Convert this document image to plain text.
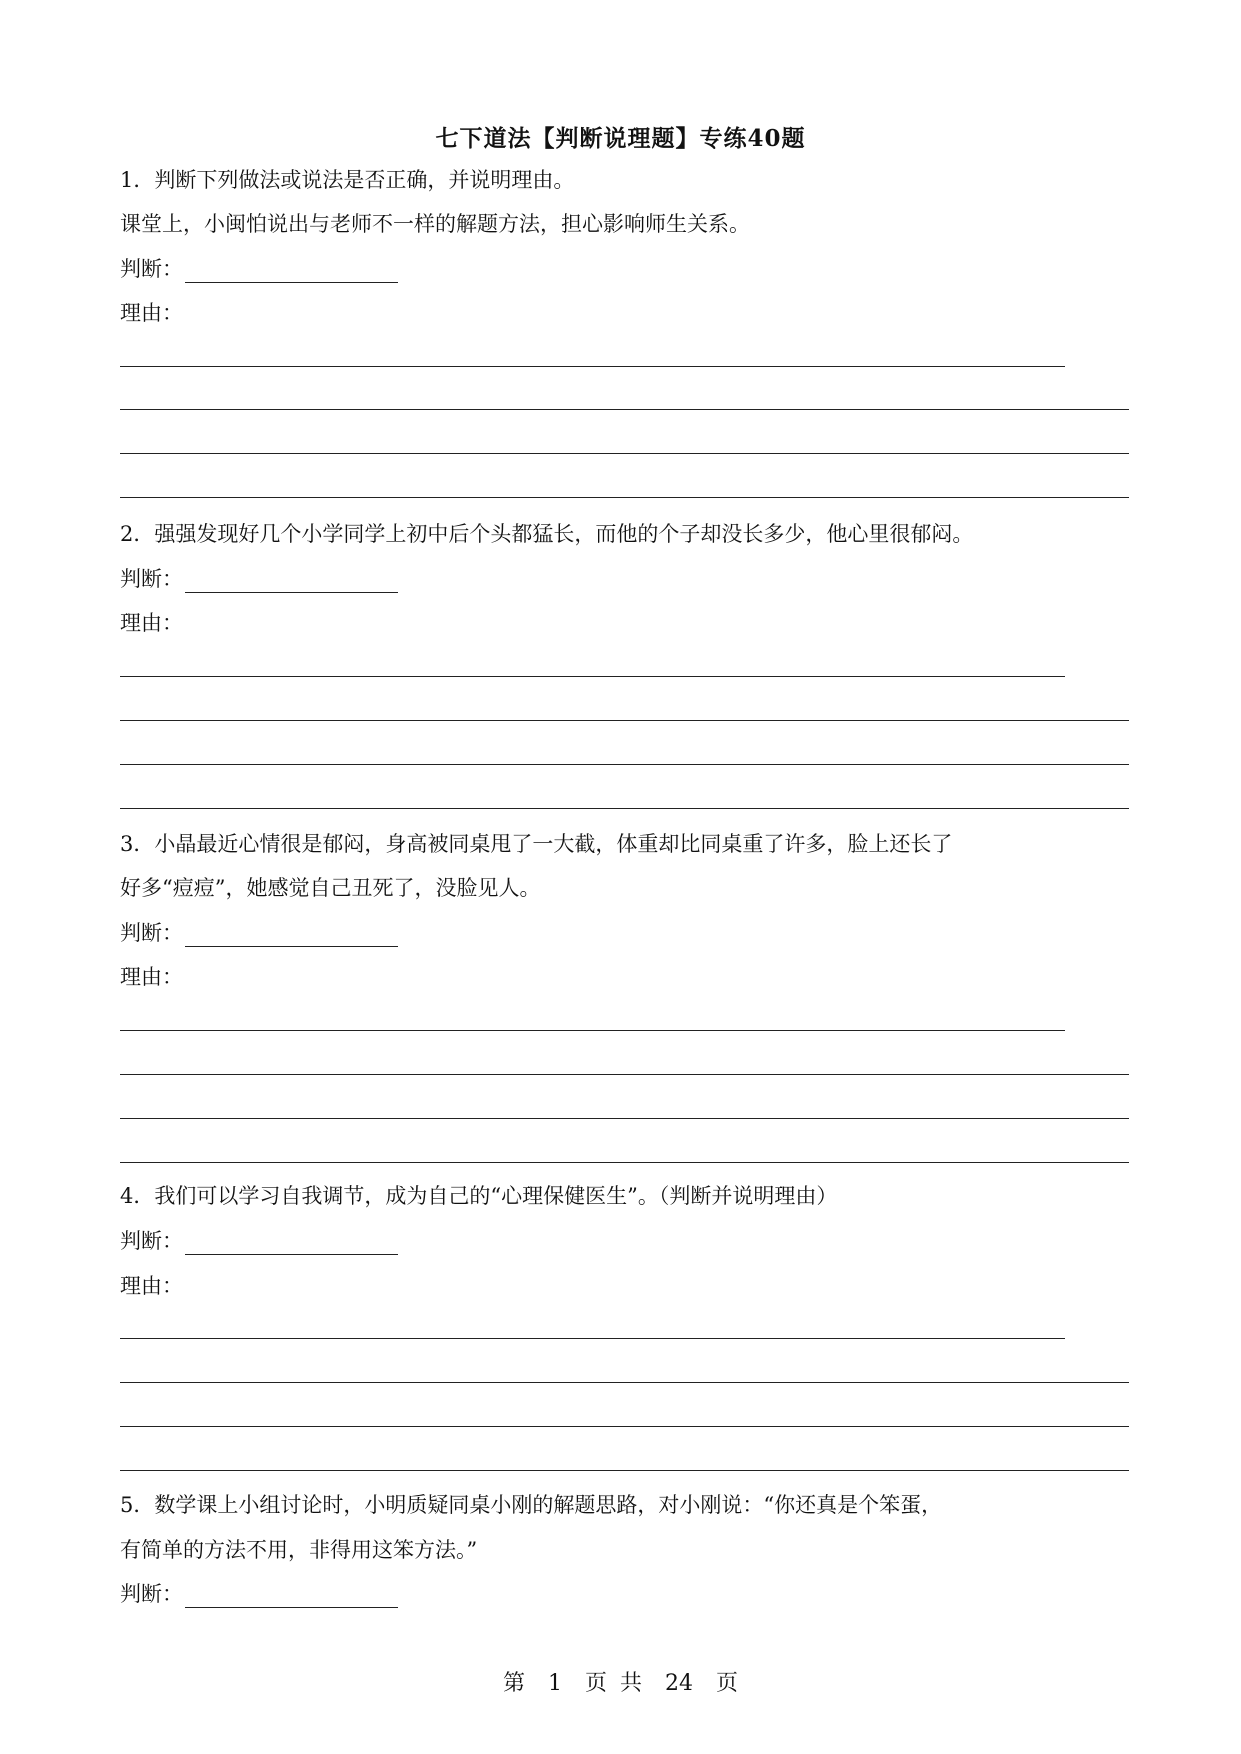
七下道法【判断说理题】专练40题
1．判断下列做法或说法是否正确，并说明理由。
课堂上，小闽怕说出与老师不一样的解题方法，担心影响师生关系。
判断：
理由：
2．强强发现好几个小学同学上初中后个头都猛长，而他的个子却没长多少，他心里很郁闷。
判断：
理由：
3．小晶最近心情很是郁闷，身高被同桌甩了一大截，体重却比同桌重了许多，脸上还长了
好多“痘痘”，她感觉自己丑死了，没脸见人。
判断：
理由：
4．我们可以学习自我调节，成为自己的“心理保健医生”。（判断并说明理由）
判断：
理由：
5．数学课上小组讨论时，小明质疑同桌小刚的解题思路，对小刚说：“你还真是个笨蛋，
有简单的方法不用，非得用这笨方法。”
判断：
第 1 页 共 24 页
